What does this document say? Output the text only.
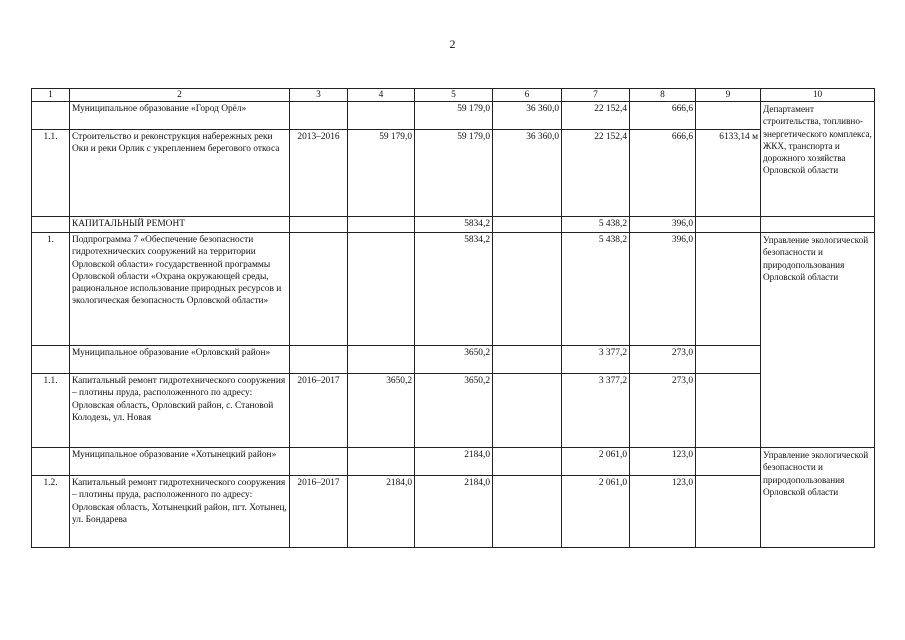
2
1	2	3	4	5	6	7	8	9	10
	Муниципальное образование «Город Орёл»			59 179,0	36 360,0	22 152,4	666,6		Департамент строительства, топливно-энергетического комплекса, ЖКХ, транспорта и дорожного хозяйства Орловской области
1.1.	Строительство и реконструкция набережных реки Оки и реки Орлик с укреплением берегового откоса	2013–2016	59 179,0	59 179,0	36 360,0	22 152,4	666,6	6133,14 м	
	КАПИТАЛЬНЫЙ РЕМОНТ			5834,2		5 438,2	396,0		
1.	Подпрограмма 7 «Обеспечение безопасности гидротехнических сооружений на территории Орловской области» государственной программы Орловской области «Охрана окружающей среды, рациональное использование природных ресурсов и экологическая безопасность Орловской области»			5834,2		5 438,2	396,0		Управление экологической безопасности и природопользования Орловской области
	Муниципальное образование «Орловский район»			3650,2		3 377,2	273,0		
1.1.	Капитальный ремонт гидротехнического сооружения – плотины пруда, расположенного по адресу: Орловская область, Орловский район, с. Становой Колодезь, ул. Новая	2016–2017	3650,2	3650,2		3 377,2	273,0		
	Муниципальное образование «Хотынецкий район»			2184,0		2 061,0	123,0		Управление экологической безопасности и природопользования Орловской области
1.2.	Капитальный ремонт гидротехнического сооружения – плотины пруда, расположенного по адресу: Орловская область, Хотынецкий район, пгт. Хотынец, ул. Бондарева	2016–2017	2184,0	2184,0		2 061,0	123,0		
